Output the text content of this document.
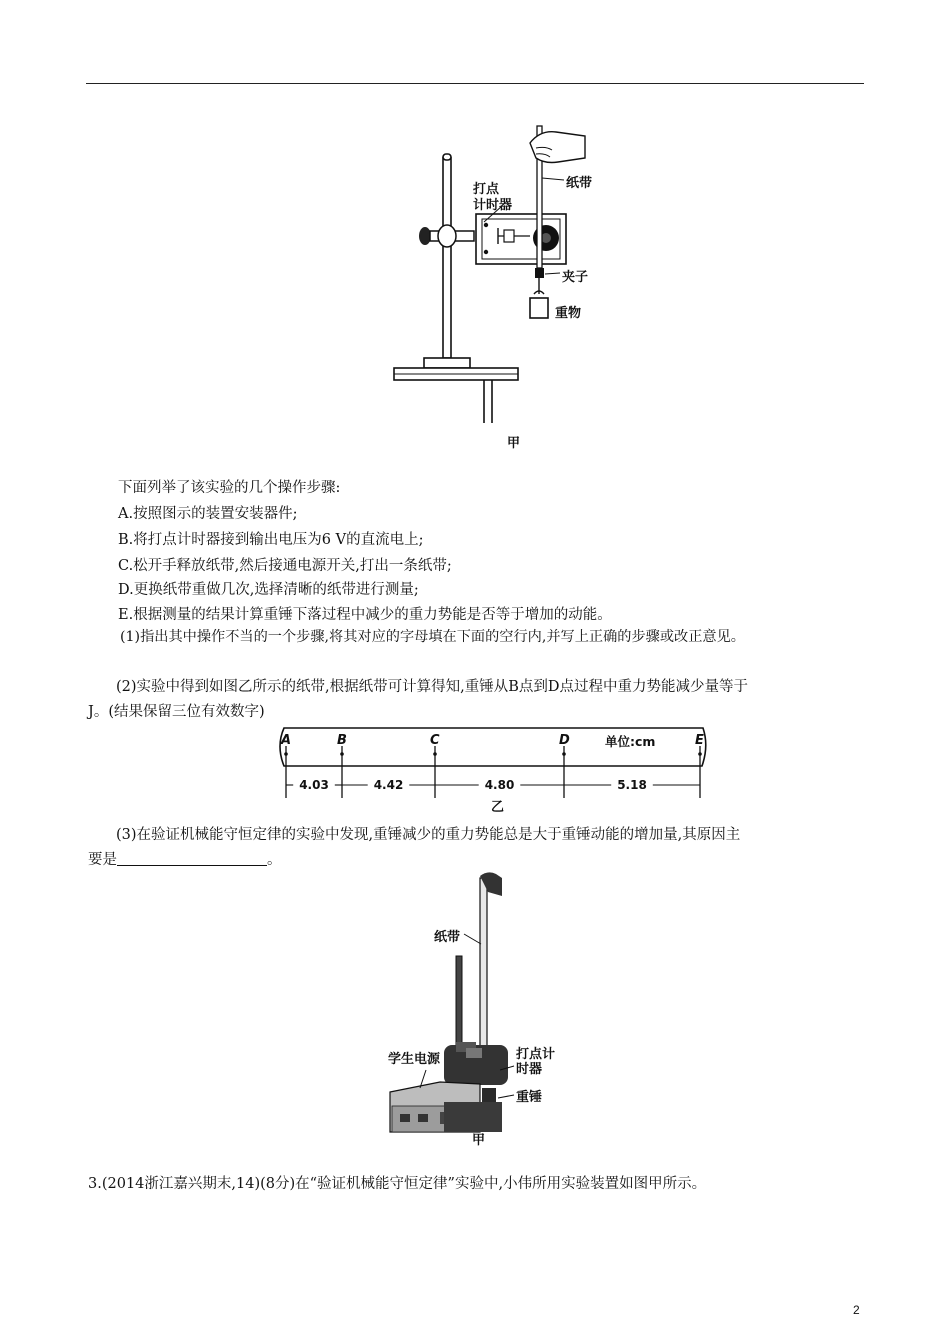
打点
计时器
纸带
夹子
重物
甲
下面列举了该实验的几个操作步骤:
A.按照图示的装置安装器件;
B.将打点计时器接到输出电压为6 V的直流电上;
C.松开手释放纸带,然后接通电源开关,打出一条纸带;
D.更换纸带重做几次,选择清晰的纸带进行测量;
E.根据测量的结果计算重锤下落过程中减少的重力势能是否等于增加的动能。
(1)指出其中操作不当的一个步骤,将其对应的字母填在下面的空行内,并写上正确的步骤或改正意见。
(2)实验中得到如图乙所示的纸带,根据纸带可计算得知,重锤从B点到D点过程中重力势能减少量等于
J。(结果保留三位有效数字)
A	B	C	D	E
单位:cm
4.03	4.42	4.80	5.18
乙
(3)在验证机械能守恒定律的实验中发现,重锤减少的重力势能总是大于重锤动能的增加量,其原因主
要是	。
纸带
学生电源	打点计
时器
重锤
甲
3.(2014浙江嘉兴期末,14)(8分)在“验证机械能守恒定律”实验中,小伟所用实验装置如图甲所示。
2
